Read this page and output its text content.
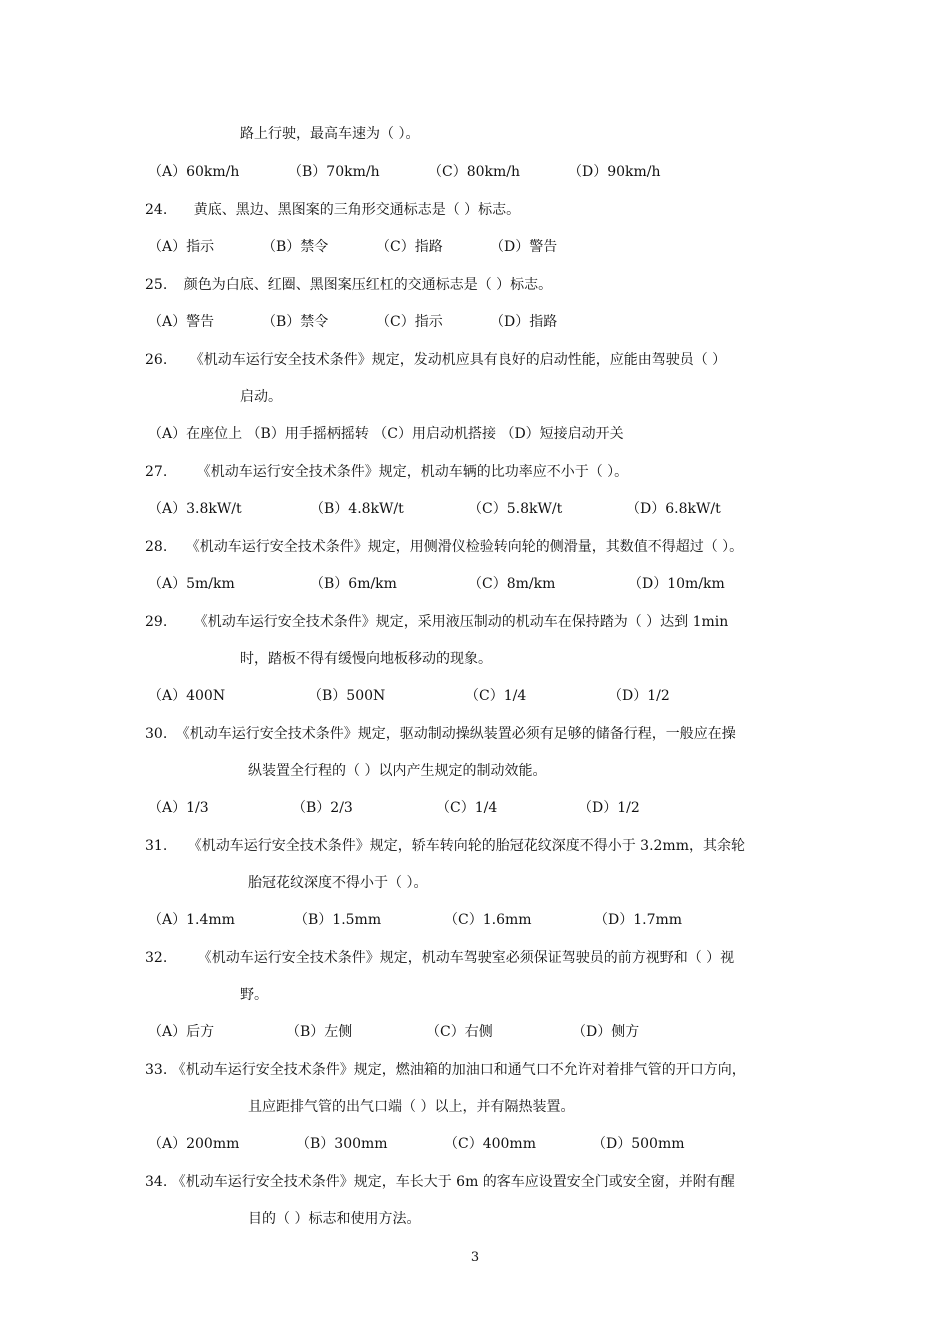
路上行驶，最高车速为（ ）。
（A）60km/h	（B）70km/h	（C）80km/h	（D）90km/h
24. 黄底、黑边、黑图案的三角形交通标志是（ ）标志。
（A）指示	（B）禁令	（C）指路	（D）警告
25. 颜色为白底、红圈、黑图案压红杠的交通标志是（ ）标志。
（A）警告	（B）禁令	（C）指示	（D）指路
26. 《机动车运行安全技术条件》规定，发动机应具有良好的启动性能，应能由驾驶员（ ）
启动。
（A）在座位上 （B）用手摇柄摇转 （C）用启动机搭接 （D）短接启动开关
27. 《机动车运行安全技术条件》规定，机动车辆的比功率应不小于（ ）。
（A）3.8kW/t	（B）4.8kW/t	（C）5.8kW/t	（D）6.8kW/t
28. 《机动车运行安全技术条件》规定，用侧滑仪检验转向轮的侧滑量，其数值不得超过（ ）。
（A）5m/km	（B）6m/km	（C）8m/km	（D）10m/km
29. 《机动车运行安全技术条件》规定，采用液压制动的机动车在保持踏为（ ）达到 1min
时，踏板不得有缓慢向地板移动的现象。
（A）400N	（B）500N	（C）1/4	（D）1/2
30. 《机动车运行安全技术条件》规定，驱动制动操纵装置必须有足够的储备行程，一般应在操
纵装置全行程的（ ）以内产生规定的制动效能。
（A）1/3	（B）2/3	（C）1/4	（D）1/2
31. 《机动车运行安全技术条件》规定，轿车转向轮的胎冠花纹深度不得小于 3.2mm，其余轮
胎冠花纹深度不得小于（ ）。
（A）1.4mm	（B）1.5mm	（C）1.6mm	（D）1.7mm
32. 《机动车运行安全技术条件》规定，机动车驾驶室必须保证驾驶员的前方视野和（ ）视
野。
（A）后方	（B）左侧	（C）右侧	（D）侧方
33. 《机动车运行安全技术条件》规定，燃油箱的加油口和通气口不允许对着排气管的开口方向，
且应距排气管的出气口端（ ）以上，并有隔热装置。
（A）200mm	（B）300mm	（C）400mm	（D）500mm
34. 《机动车运行安全技术条件》规定，车长大于 6m 的客车应设置安全门或安全窗，并附有醒
目的（ ）标志和使用方法。
3
